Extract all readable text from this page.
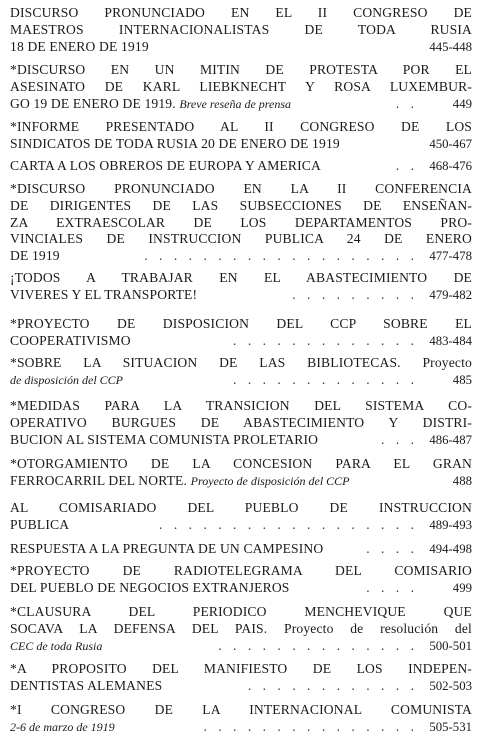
DISCURSO PRONUNCIADO EN EL II CONGRESO DE
MAESTROS INTERNACIONALISTAS DE TODA RUSIA
18 DE ENERO DE 1919	445-448
*DISCURSO EN UN MITIN DE PROTESTA POR EL
ASESINATO DE KARL LIEBKNECHT Y ROSA LUXEMBUR-
GO 19 DE ENERO DE 1919. Breve reseña de prensa	. .	449
*INFORME PRESENTADO AL II CONGRESO DE LOS
SINDICATOS DE TODA RUSIA 20 DE ENERO DE 1919	450-467
CARTA A LOS OBREROS DE EUROPA Y AMERICA	. . 468-476
*DISCURSO PRONUNCIADO EN LA II CONFERENCIA
DE DIRIGENTES DE LAS SUBSECCIONES DE ENSEÑAN-
ZA EXTRAESCOLAR DE LOS DEPARTAMENTOS PRO-
VINCIALES DE INSTRUCCION PUBLICA 24 DE ENERO
DE 1919	. . . . . . . . . . . . . . . . . . . 477-478
¡TODOS A TRABAJAR EN EL ABASTECIMIENTO DE
VIVERES Y EL TRANSPORTE!	. . . . . . . . . 479-482
*PROYECTO DE DISPOSICION DEL CCP SOBRE EL
COOPERATIVISMO	. . . . . . . . . . . . . 483-484
*SOBRE LA SITUACION DE LAS BIBLIOTECAS. Proyecto
de disposición del CCP	. . . . . . . . . . . . .	485
*MEDIDAS PARA LA TRANSICION DEL SISTEMA CO-
OPERATIVO BURGUES DE ABASTECIMIENTO Y DISTRI-
BUCION AL SISTEMA COMUNISTA PROLETARIO	. . . 486-487
*OTORGAMIENTO DE LA CONCESION PARA EL GRAN
FERROCARRIL DEL NORTE. Proyecto de disposición del CCP	488
AL COMISARIADO DEL PUEBLO DE INSTRUCCION
PUBLICA	. . . . . . . . . . . . . . . . . . 489-493
RESPUESTA A LA PREGUNTA DE UN CAMPESINO	. . . . 494-498
*PROYECTO DE RADIOTELEGRAMA DEL COMISARIO
DEL PUEBLO DE NEGOCIOS EXTRANJEROS	. . . .	499
*CLAUSURA DEL PERIODICO MENCHEVIQUE QUE
SOCAVA LA DEFENSA DEL PAIS. Proyecto de resolución del
CEC de toda Rusia	. . . . . . . . . . . . . . 500-501
*A PROPOSITO DEL MANIFIESTO DE LOS INDEPEN-
DENTISTAS ALEMANES	. . . . . . . . . . . . 502-503
*I CONGRESO DE LA INTERNACIONAL COMUNISTA
2-6 de marzo de 1919	. . . . . . . . . . . . . . . 505-531
